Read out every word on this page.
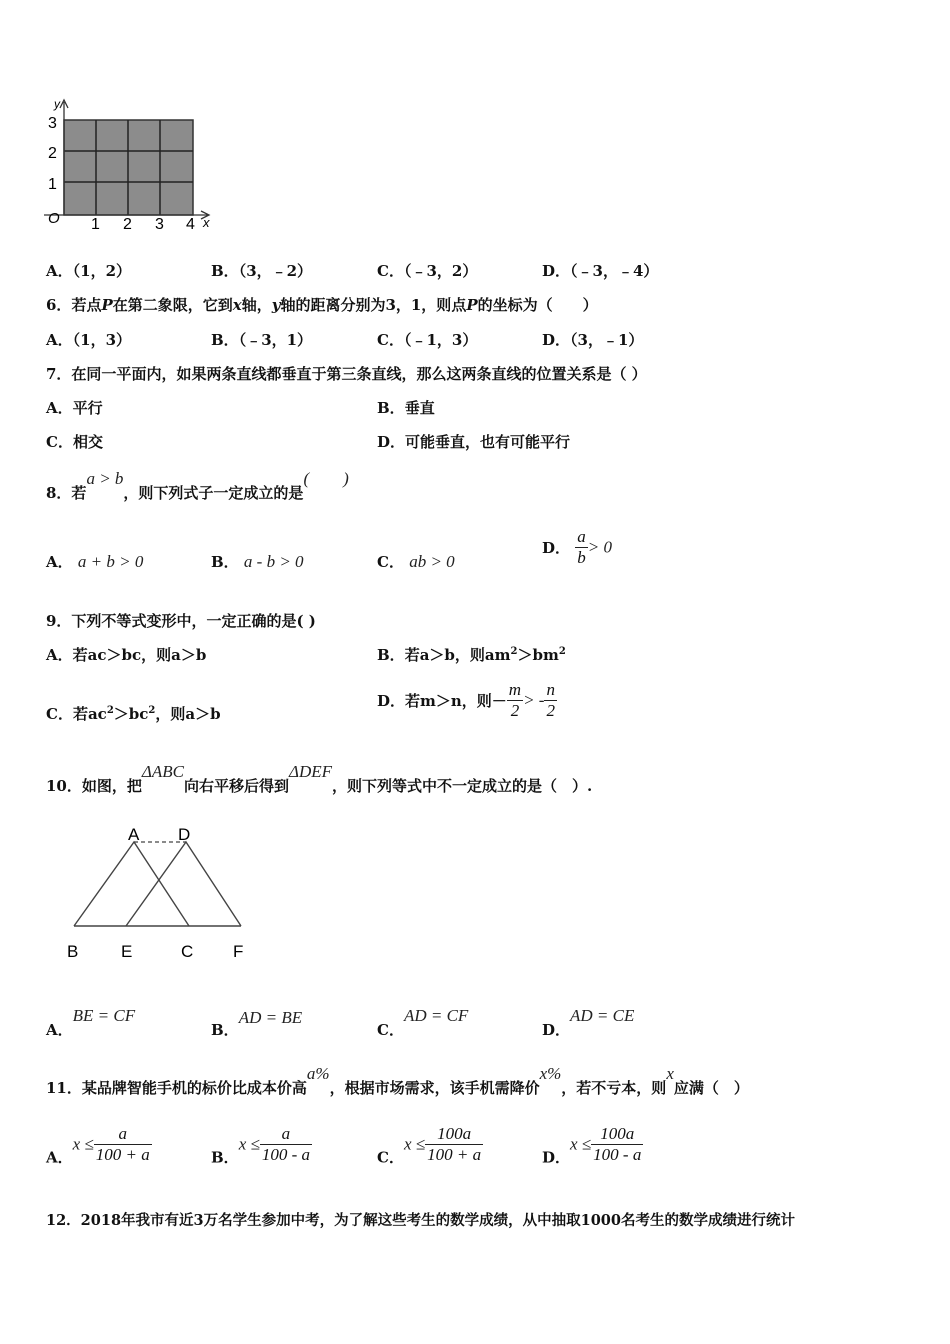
y
x
O
1
2
3
1 2 3 4
A．（1，2）	B．（3，﹣2）	C．（﹣3，2）	D．（﹣3，﹣4）
6．若点P在第二象限，它到x轴，y轴的距离分别为3，1，则点P的坐标为（　　）
A．（1，3）	B．（﹣3，1）	C．（﹣1，3）	D．（3，﹣1）
7．在同一平面内，如果两条直线都垂直于第三条直线，那么这两条直线的位置关系是（ ）
A．平行	B．垂直
C．相交	D．可能垂直，也有可能平行
8．若a > b，则下列式子一定成立的是(　　)
A． a + b > 0	B． a - b > 0	C． ab > 0
D． $\frac{a}{b} > 0$
9．下列不等式变形中，一定正确的是( )
A．若ac＞bc，则a＞b	B．若a＞b，则$am^2>bm^2$
C．若$ac^2>bc^2$，则a＞b
D．若m＞n，则－ $\frac{m}{2}$ > - $\frac{n}{2}$
10．如图，把ΔABC向右平移后得到ΔDEF，则下列等式中不一定成立的是（　）.
A D
B	E	C F
A．BE = CF
B．AD = BE
C．AD = CF
D．AD = CE
11．某品牌智能手机的标价比成本价高a%，根据市场需求，该手机需降价x%，若不亏本，则x应满（　）
A．$x \le \frac{a}{100 + a}$	B．$x \le \frac{a}{100 - a}$	C．$x \le \frac{100a}{100 + a}$	D．$x \le \frac{100a}{100 - a}$
12．2018年我市有近3万名学生参加中考，为了解这些考生的数学成绩，从中抽取1000名考生的数学成绩进行统计
